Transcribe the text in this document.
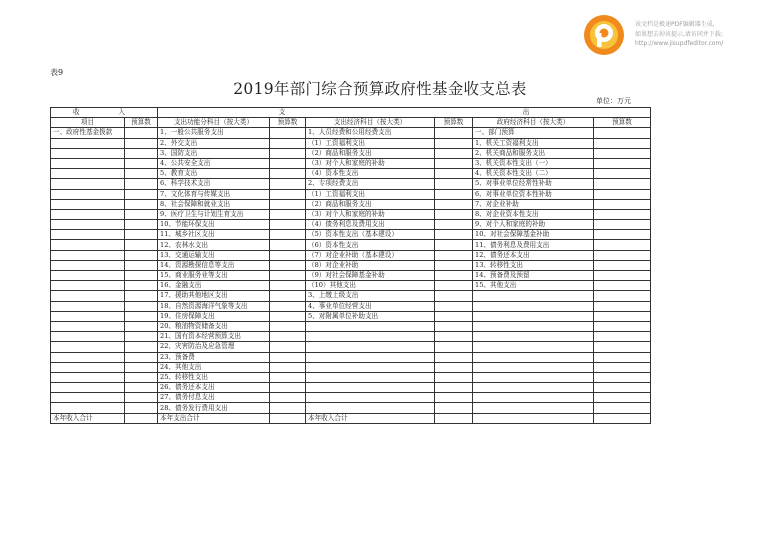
该文档是极速PDF编辑器生成,
如果想去掉该提示,请访问并下载:
http://www.jisupdfeditor.com/
表9
2019年部门综合预算政府性基金收支总表
单位：万元
收 入		支 出					

项目	预算数	支出功能分科目（按大类）	预算数	支出经济科目（按大类）	预算数	政府经济科目（按大类）	预算数
一、政府性基金拨款		1、一般公共服务支出		1、人员经费和公用经费支出		一、部门预算	
		2、外交支出		（1）工资福利支出		1、机关工资福利支出	
		3、国防支出		（2）商品和服务支出		2、机关商品和服务支出	
		4、公共安全支出		（3）对个人和家庭的补助		3、机关资本性支出（一）	
		5、教育支出		（4）资本性支出		4、机关资本性支出（二）	
		6、科学技术支出		2、专项经费支出		5、对事业单位经常性补助	
		7、文化体育与传媒支出		（1）工资福利支出		6、对事业单位资本性补助	
		8、社会保障和就业支出		（2）商品和服务支出		7、对企业补助	
		9、医疗卫生与计划生育支出		（3）对个人和家庭的补助		8、对企业资本性支出	
		10、节能环保支出		（4）债务利息及费用支出		9、对个人和家庭的补助	
		11、城乡社区支出		（5）资本性支出（基本建设）		10、对社会保障基金补助	
		12、农林水支出		（6）资本性支出		11、债务利息及费用支出	
		13、交通运输支出		（7）对企业补助（基本建设）		12、债务还本支出	
		14、资源勘探信息等支出		（8）对企业补助		13、转移性支出	
		15、商业服务业等支出		（9）对社会保障基金补助		14、预备费及预留	
		16、金融支出		（10）其他支出		15、其他支出	
		17、援助其他地区支出		3、上缴上级支出			
		18、自然资源海洋气象等支出		4、事业单位经营支出			
		19、住房保障支出		5、对附属单位补助支出			
		20、粮油物资储备支出					
		21、国有资本经营预算支出					
		22、灾害防治及应急管理					
		23、预备费					
		24、其他支出					
		25、转移性支出					
		26、债务还本支出					
		27、债务付息支出					
		28、债务发行费用支出					
本年收入合计		本年支出合计		本年收入合计			
